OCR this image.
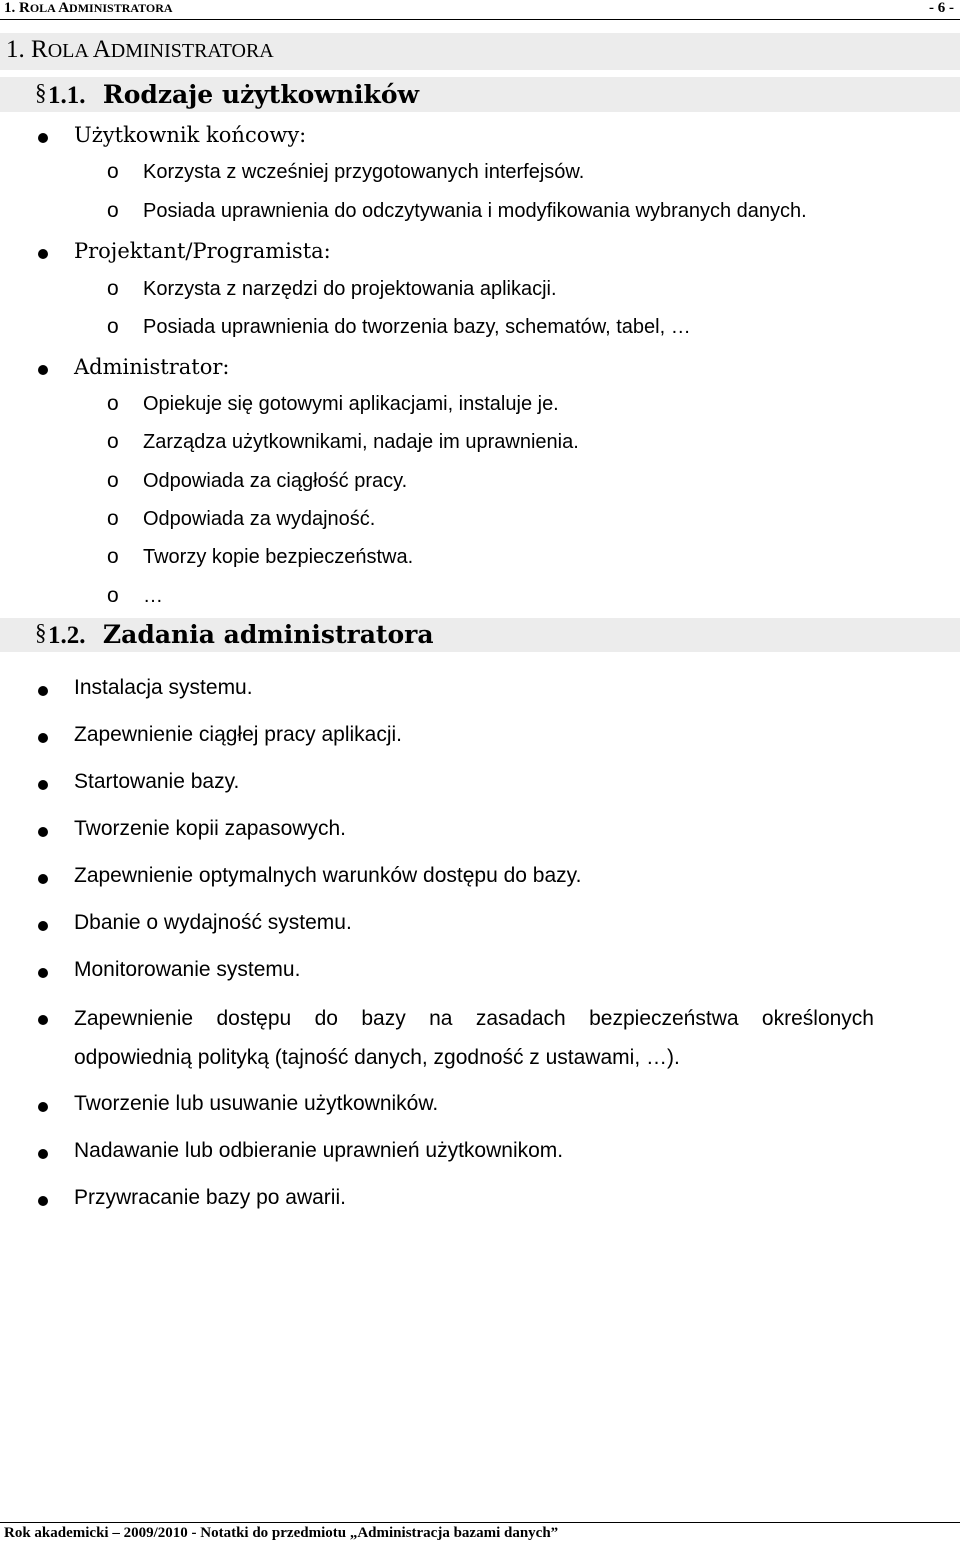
1. ROLA ADMINISTRATORA	- 6 -
1. ROLA ADMINISTRATORA
§ 1.1. Rodzaje użytkowników
Użytkownik końcowy:
o Korzysta z wcześniej przygotowanych interfejsów.
o Posiada uprawnienia do odczytywania i modyfikowania wybranych danych.
Projektant/Programista:
o Korzysta z narzędzi do projektowania aplikacji.
o Posiada uprawnienia do tworzenia bazy, schematów, tabel, …
Administrator:
o Opiekuje się gotowymi aplikacjami, instaluje je.
o Zarządza użytkownikami, nadaje im uprawnienia.
o Odpowiada za ciągłość pracy.
o Odpowiada za wydajność.
o Tworzy kopie bezpieczeństwa.
o …
§ 1.2. Zadania administratora
Instalacja systemu.
Zapewnienie ciągłej pracy aplikacji.
Startowanie bazy.
Tworzenie kopii zapasowych.
Zapewnienie optymalnych warunków dostępu do bazy.
Dbanie o wydajność systemu.
Monitorowanie systemu.
Zapewnienie dostępu do bazy na zasadach bezpieczeństwa określonych odpowiednią polityką (tajność danych, zgodność z ustawami, …).
Tworzenie lub usuwanie użytkowników.
Nadawanie lub odbieranie uprawnień użytkownikom.
Przywracanie bazy po awarii.
Rok akademicki – 2009/2010 - Notatki do przedmiotu „Administracja bazami danych”
